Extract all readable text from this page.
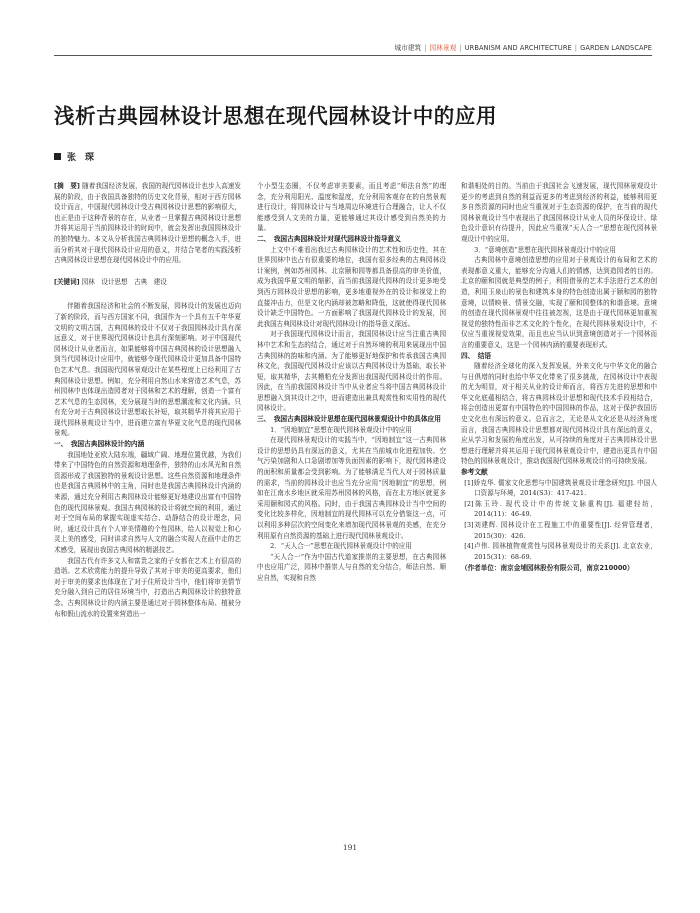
城市建筑 | 园林景观 | URBANISM AND ARCHITECTURE | GARDEN LANDSCAPE
浅析古典园林设计思想在现代园林设计中的应用
张　琛

[摘　要] 随着我国经济发展，我国的现代园林设计也步入高速发展的阶段，由于我国具备独特的历史文化背景，相对于西方园林设计而言，中国现代园林设计受古典园林设计思想的影响很大，也正是由于这种背景的存在，从业者一旦掌握古典园林设计思想并将其运用于当前园林设计的时间中，就会发挥出我国园林设计的独特魅力。本文从分析我国古典园林设计思想的概念入手，进而分析其对于现代园林设计应用的意义，并结合笔者的实践浅析古典园林设计思想在现代园林设计中的应用。

[关键词] 园林　设计思想　古典　建设

伴随着我国经济和社会的不断发展，园林设计的发展也迈向了新的阶段，而与西方国家不同，我国作为一个具有五千年华夏文明的文明古国，古典园林的设计不仅对于我国园林设计具有深远意义，对于世界现代园林设计也具有深刻影响。对于中国现代园林设计从业者而言，如果能够将中国古典园林的设计思想融入到当代园林设计应用中，就能够令现代园林设计更加具备中国特色艺术气息。我国现代园林景观设计在某些程度上已经利用了古典园林设计思想。例如，充分利用自然山水来营造艺术气息，苏州园林中也体现出造园者对于园林和艺术的理解，创造一个富有艺术气息的生态园林，充分展现当时的思想潮流和文化内涵。只有充分对于古典园林设计思想取长补短，取其精华并将其应用于现代园林景观设计当中，进而建立富有华夏文化气息的现代园林景观。

一、　我国古典园林设计的内涵

我国地处亚欧大陆东端，疆域广阔、地理位置优越，为我们带来了中国特色的自然资源和地理条件，独特的山水风光和自然资源形成了我国独特的景观设计思想。这些自然资源和地理条件也是我国古典园林中的主角，同时也是我国古典园林设计内涵的来源，通过充分利用古典园林设计能够更好地建设出富有中国特色的现代园林景观。我国古典园林的设计将就空间的利用，通过对于空间布局的掌握实现虚实结合、动静结合的设计理念，同时，通过设计具有个人审美情趣的个性园林，给人以视觉上和心灵上美的感受，同时讲求自然与人文的融合实现人在画中走的艺术感受，展现出我国古典园林的精湛技艺。

我国古代有许多文人和富贵之家的子女都在艺术上有很高的造诣。艺术欣赏能力的提升导致了其对于审美的更高要求，他们对于审美的要求也体现在了对于住所设计当中，他们将审美情节充分融入到自己的居住环境当中，打造出古典园林设计的独特意念。古典园林设计的内涵主要是通过对于园林整体布局、植被分布和假山流水的设置来营造出一

个小型生态圈，不仅考虑审美要素，而且考虑“师法自然”的理念，充分利用阳光、温度和湿度，充分利用客观存在的自然景观进行设计，将园林设计与当地周边环境进行合理融合，让人不仅能感受到人文美的力量，更能够通过其设计感受到自然美的力量。

二、　我国古典园林设计对现代园林设计指导意义

上文中不难看出我过古典园林设计的艺术性和历史性，其在世界园林中也占有很重要的地位，我国有很多经典的古典园林设计案例，例如苏州园林、北京颐和园等都具备很高的审美价值，成为我国华夏文明的缩影，而当前我国现代园林的设计更多地受到西方园林设计思想的影响，更多地重视外在的设计和视觉上的直接冲击力，但是文化内涵却被忽略和降低，这就使得现代园林设计缺乏中国特色。一方面影响了我国现代园林设计的发展，因此我国古典园林设计对现代园林设计的指导意义深远。

对于我国现代园林设计而言，我国园林设计应当注重古典园林中艺术和生态的结合，通过对于自然环境的利用来展现出中国古典园林的韵味和内涵。为了能够更好地保护和传承我国古典园林文化，我国现代园林设计应该以古典园林设计为基础，取长补短，取其精华，去其糟粕充分发挥出我国现代园林设计的作用。因此，在当前我国园林设计当中从业者应当将中国古典园林设计思想融入到其设计之中，进而建造出兼具观赏性和实用性的现代园林设计。

三、　我国古典园林设计思想在现代园林景观设计中的具体应用

1．“因地制宜”思想在现代园林景观设计中的应用

在现代园林景观设计的实践当中，“因地制宜”这一古典园林设计的思想仍具有深远的意义，尤其在当前城市化进程加快、空气污染加剧和人口急剧增加等负面因素的影响下，现代园林建设的面积和质量都会受到影响。为了能够满足当代人对于园林质量的需求，当前的园林设计也应当充分应用“因地制宜”的思想，例如在江南水乡地区就采用苏州园林的风格，而在北方地区就更多采用颐和园式的风格。同时，由于我国古典园林设计当中空间的变化比较多样化，因地制宜的现代园林可以充分借鉴这一点，可以利用多种层次的空间变化来增加现代园林景观的美感，在充分利用原有自然资源的基础上进行现代园林景观设计。

2．“天人合一”思想在现代园林景观设计中的应用

“天人合一”作为中国古代道家推崇的主要思想，在古典园林中也应用广泛，园林中推崇人与自然的充分结合，师法自然、顺应自然，实现和自然

和谐相处的目的。当前由于我国社会飞速发展，现代园林景观设计更少的考虑到自然的利益而更多的考虑到经济的利益，能够利用更多自然资源的同时也应当重视对于生态资源的保护，在当前的现代园林景观设计当中表现出了我国园林设计从业人员的环保设计、绿色设计意识有待提升，因此应当重视“天人合一”思想在现代园林景观设计中的应用。

3．“意境创造”思想在现代园林景观设计中的应用

古典园林中意境创造思想的应用对于景观设计的布局和艺术的表现都意义重大，能够充分沟通人们的情感，达到造园者的目的。北京的颐和园就是典型的例子，利用借景的艺术手法进行艺术的创造，利用玉泉山的景色和建筑本身的特色创造出属于颐和园的独特意境，以情映景、情景交融，实现了颐和园整体的和谐意境。意境的创造在现代园林景观中往往被忽视，这是由于现代园林更加重视视觉的独特性而非艺术文化的个性化，在现代园林景观设计中，不仅应当重视视觉效果，而且也应当认识到意境创造对于一个园林而言的重要意义，这是一个园林内涵的重要表现形式。

四、　结语

随着经济全球化的深入发挥发展，外来文化与中华文化的融合与日俱增的同时也给中华文化带来了很多挑战，在园林设计中表现的尤为明显，对于相关从业的设计师而言，将西方先进的思想和中华文化底蕴相结合，将古典园林设计思想和现代技术手段相结合，将会创造出更富有中国特色的中国园林的作品，这对于保护我国历史文化也有深远的意义。总而言之，无论是从文化还是从经济角度而言，我国古典园林设计思想都对现代园林设计具有深远的意义，应从学习和发展的角度出发，从可持续的角度对于古典园林设计思想进行理解并将其运用于现代园林景观设计中，建造出更具有中国特色的园林景观设计，推动我国现代园林景观设计的可持续发展。

参考文献

[1]娇克华. 儒家文化思想与中国建筑景观设计理念研究[J]. 中国人口资源与环境，2014(S3)：417-421.
[2]陈玉玲. 现代设计中的传统文脉重构[J]. 福建轻纺，2014(11)：46-49.
[3]刘建辉. 园林设计在工程施工中的重要性[J]. 经营管理者，2015(30)：426.
[4]卢伟. 园林植物观赏性与园林景观设计的关系[J]. 北京农业，2015(31)：68-69.

（作者单位：南京金埔园林股份有限公司，南京210000）

191
